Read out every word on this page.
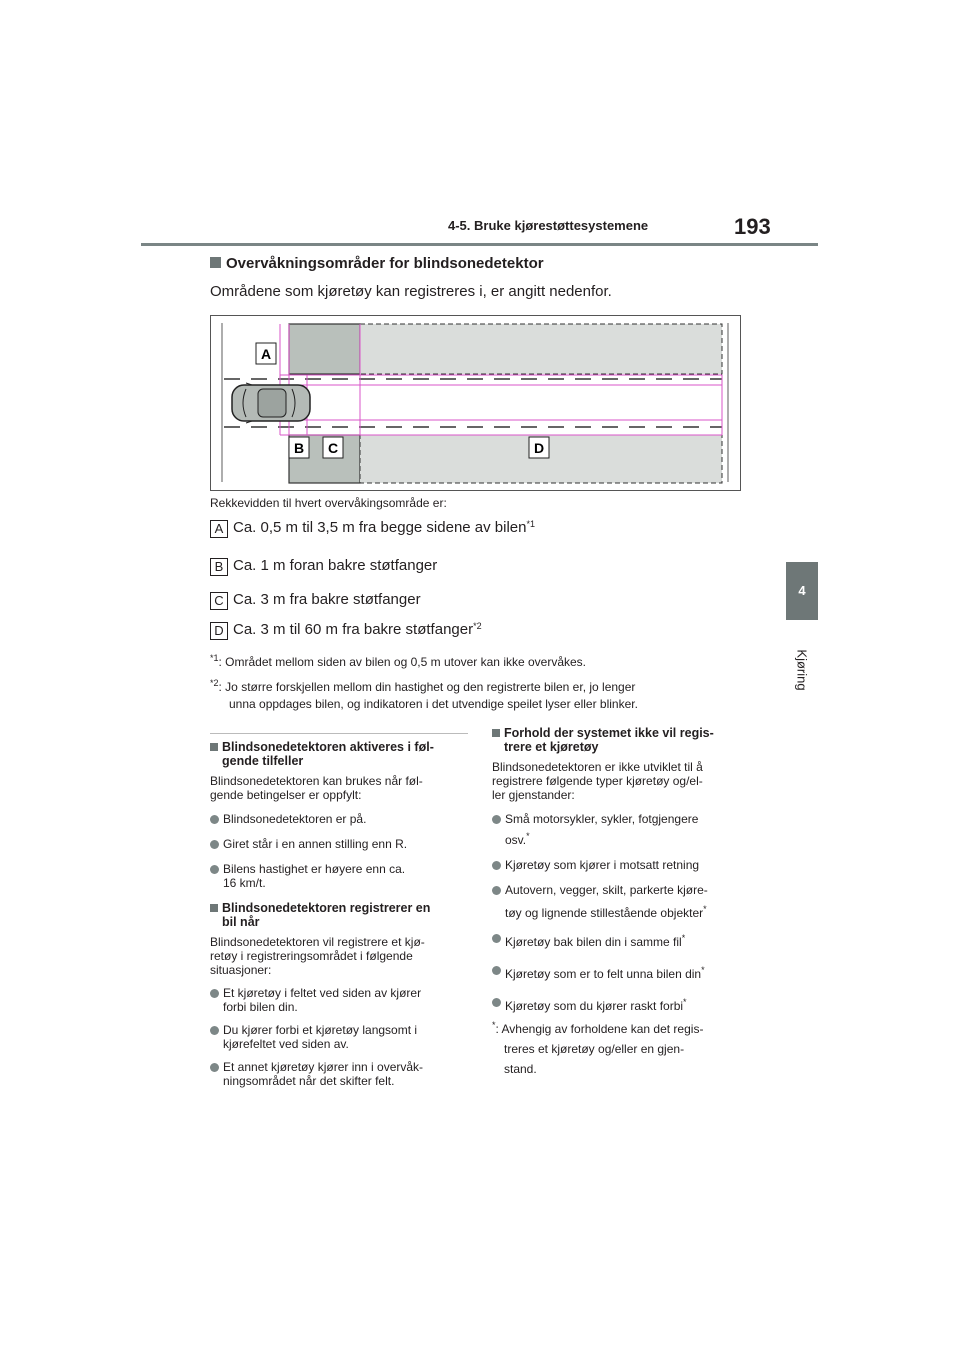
4-5. Bruke kjørestøttesystemene	193
4
Kjøring
Overvåkningsområder for blindsonedetektor
Områdene som kjøretøy kan registreres i, er angitt nedenfor.
A
B C	D
Rekkevidden til hvert overvåkingsområde er:
A Ca. 0,5 m til 3,5 m fra begge sidene av bilen$^{*1}$
B Ca. 1 m foran bakre støtfanger
C Ca. 3 m fra bakre støtfanger
D Ca. 3 m til 60 m fra bakre støtfanger$^{*2}$
$^{*1}$: Området mellom siden av bilen og 0,5 m utover kan ikke overvåkes.
$^{*2}$: Jo større forskjellen mellom din hastighet og den registrerte bilen er, jo lenger
unna oppdages bilen, og indikatoren i det utvendige speilet lyser eller blinker.
Blindsonedetektoren aktiveres i føl-
gende tilfeller
Blindsonedetektoren kan brukes når føl-
gende betingelser er oppfylt:
Blindsonedetektoren er på.
Giret står i en annen stilling enn R.
Bilens hastighet er høyere enn ca.
16 km/t.
Blindsonedetektoren registrerer en
bil når
Blindsonedetektoren vil registrere et kjø-
retøy i registreringsområdet i følgende
situasjoner:
Et kjøretøy i feltet ved siden av kjører
forbi bilen din.
Du kjører forbi et kjøretøy langsomt i
kjørefeltet ved siden av.
Et annet kjøretøy kjører inn i overvåk-
ningsområdet når det skifter felt.
Forhold der systemet ikke vil regis-
trere et kjøretøy
Blindsonedetektoren er ikke utviklet til å
registrere følgende typer kjøretøy og/el-
ler gjenstander:
Små motorsykler, sykler, fotgjengere
osv.*
Kjøretøy som kjører i motsatt retning
Autovern, vegger, skilt, parkerte kjøre-
tøy og lignende stillestående objekter*
Kjøretøy bak bilen din i samme fil*
Kjøretøy som er to felt unna bilen din*
Kjøretøy som du kjører raskt forbi*
*: Avhengig av forholdene kan det regis-
treres et kjøretøy og/eller en gjen-
stand.
